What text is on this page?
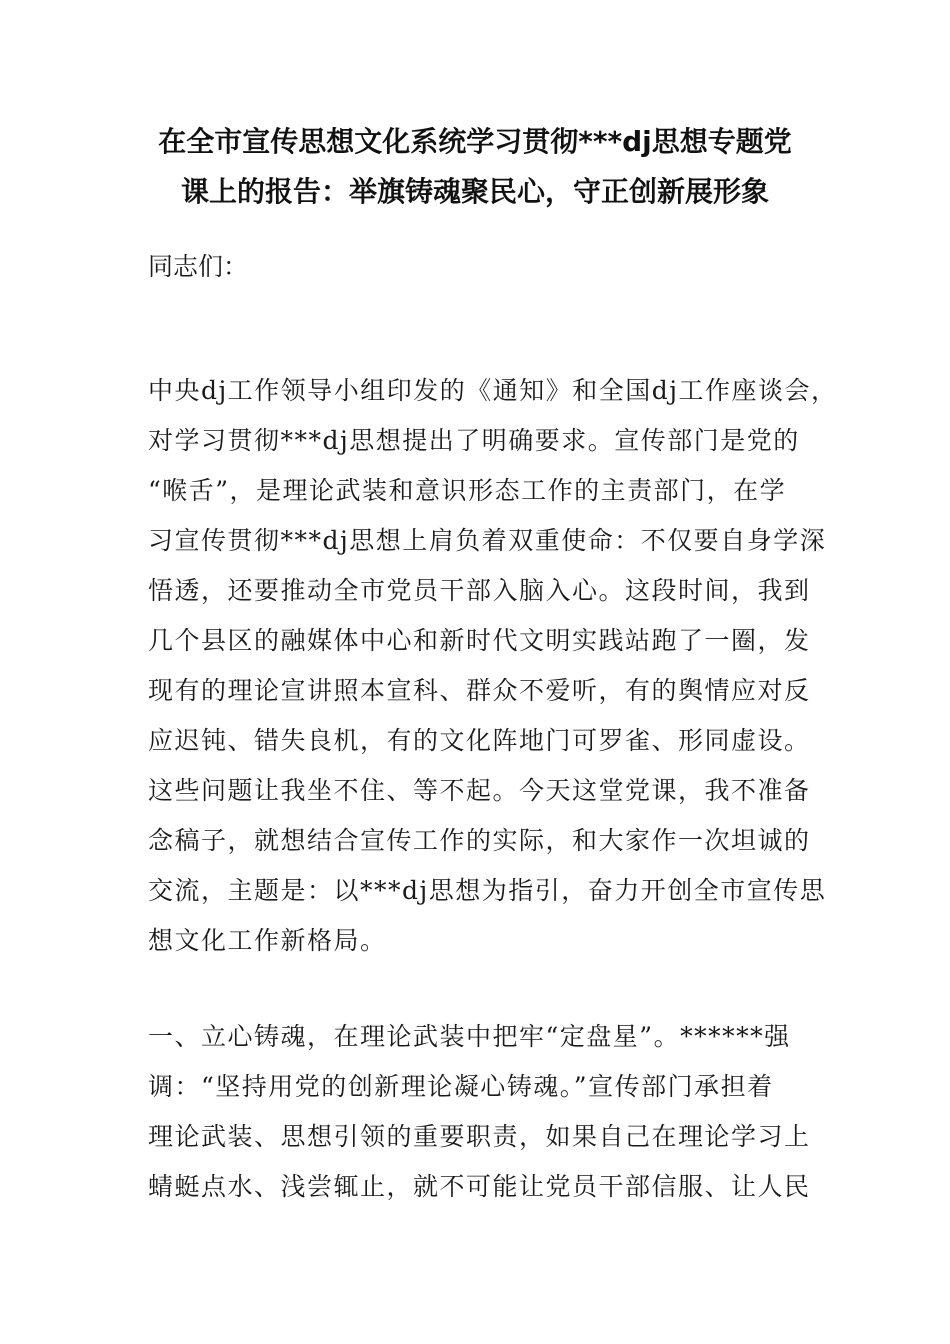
在全市宣传思想文化系统学习贯彻***dj思想专题党
课上的报告：举旗铸魂聚民心，守正创新展形象
同志们：
中央dj工作领导小组印发的《通知》和全国dj工作座谈会，
对学习贯彻***dj思想提出了明确要求。宣传部门是党的
“喉舌”，是理论武装和意识形态工作的主责部门，在学
习宣传贯彻***dj思想上肩负着双重使命：不仅要自身学深
悟透，还要推动全市党员干部入脑入心。这段时间，我到
几个县区的融媒体中心和新时代文明实践站跑了一圈，发
现有的理论宣讲照本宣科、群众不爱听，有的舆情应对反
应迟钝、错失良机，有的文化阵地门可罗雀、形同虚设。
这些问题让我坐不住、等不起。今天这堂党课，我不准备
念稿子，就想结合宣传工作的实际，和大家作一次坦诚的
交流，主题是：以***dj思想为指引，奋力开创全市宣传思
想文化工作新格局。
一、立心铸魂，在理论武装中把牢“定盘星”。******强
调：“坚持用党的创新理论凝心铸魂。”宣传部门承担着
理论武装、思想引领的重要职责，如果自己在理论学习上
蜻蜓点水、浅尝辄止，就不可能让党员干部信服、让人民
